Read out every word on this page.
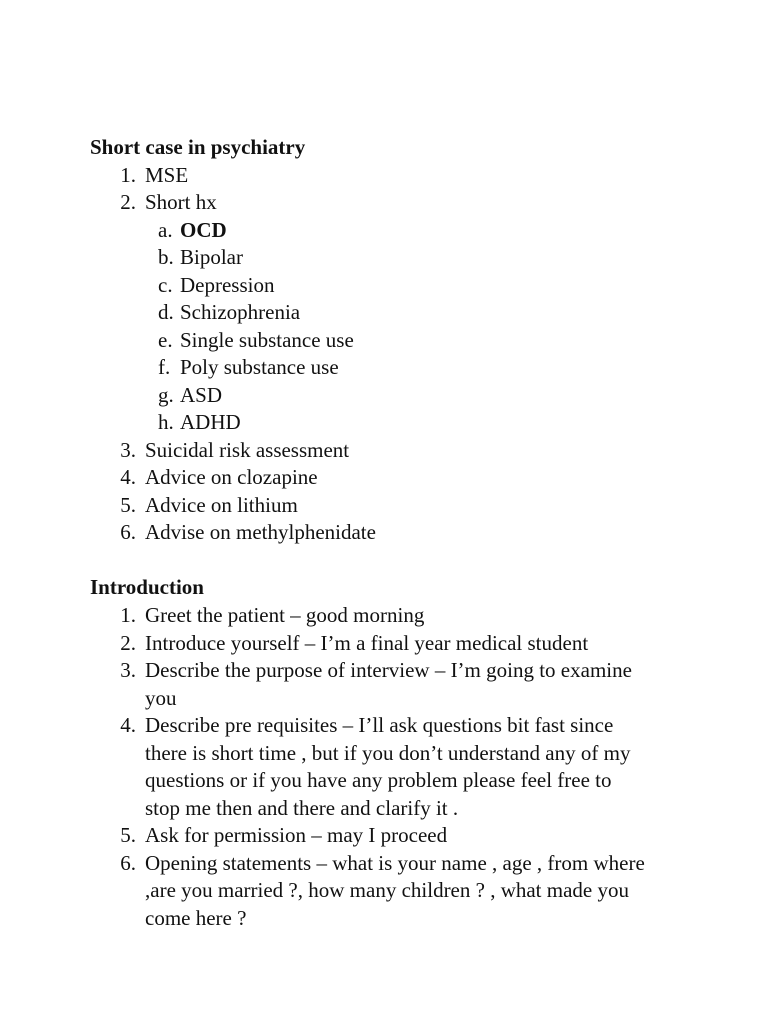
Short case in psychiatry
1. MSE
2. Short hx
a. OCD
b. Bipolar
c. Depression
d. Schizophrenia
e. Single substance use
f. Poly substance use
g. ASD
h. ADHD
3. Suicidal risk assessment
4. Advice on clozapine
5. Advice on lithium
6. Advise on methylphenidate
Introduction
1. Greet the patient – good morning
2. Introduce yourself – I’m a final year medical student
3. Describe the purpose of interview – I’m going to examine
you
4. Describe pre requisites – I’ll ask questions bit fast since
there is short time , but if you don’t understand any of my
questions or if you have any problem please feel free to
stop me then and there and clarify it .
5. Ask for permission – may I proceed
6. Opening statements – what is your name , age , from where
,are you married ?, how many children ? , what made you
come here ?
